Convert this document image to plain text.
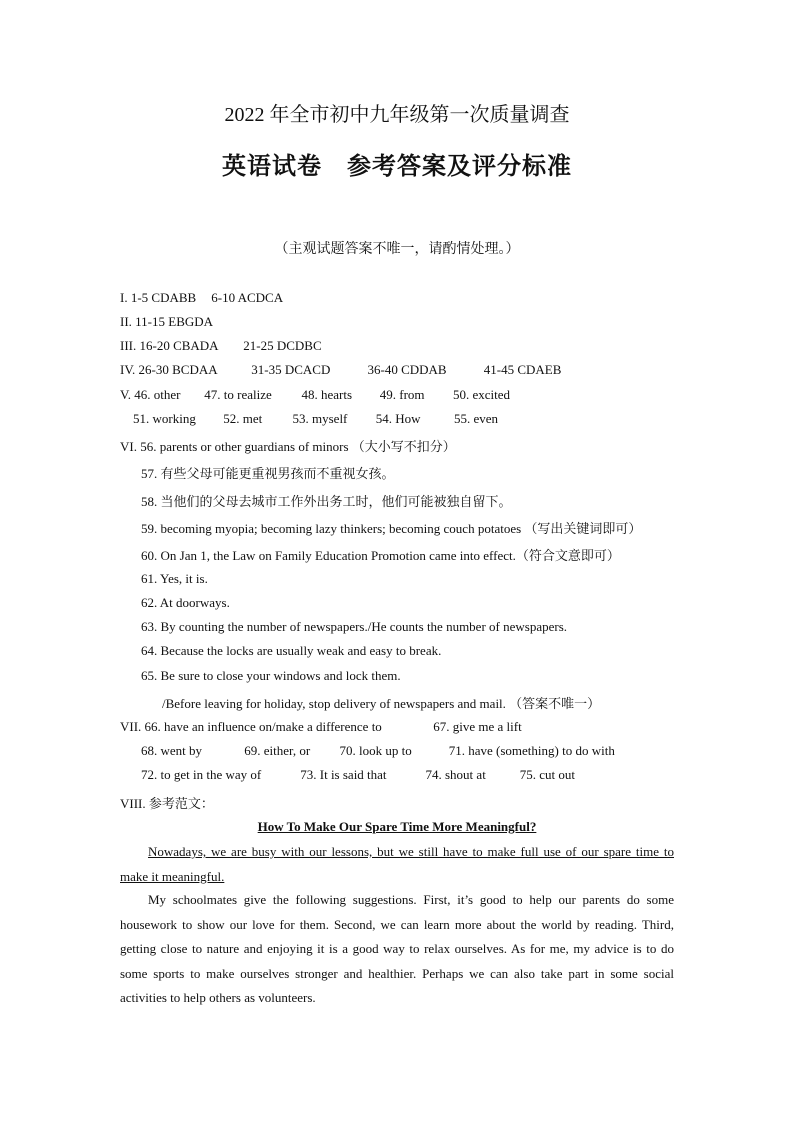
2022 年全市初中九年级第一次质量调查
英语试卷　参考答案及评分标准
（主观试题答案不唯一，请酌情处理。）
I. 1-5 CDABB 6-10 ACDCA
II. 11-15 EBGDA
III. 16-20 CBADA 21-25 DCDBC
IV. 26-30 BCDAA	31-35 DCACD	36-40 CDDAB	41-45 CDAEB
V. 46. other 47. to realize 48. hearts 49. from 50. excited
51. working 52. met 53. myself 54. How	55. even
VI. 56. parents or other guardians of minors （大小写不扣分）
57. 有些父母可能更重视男孩而不重视女孩。
58. 当他们的父母去城市工作外出务工时，他们可能被独自留下。
59. becoming myopia; becoming lazy thinkers; becoming couch potatoes （写出关键词即可）
60. On Jan 1, the Law on Family Education Promotion came into effect.（符合文意即可）
61. Yes, it is.
62. At doorways.
63. By counting the number of newspapers./He counts the number of newspapers.
64. Because the locks are usually weak and easy to break.
65. Be sure to close your windows and lock them.
/Before leaving for holiday, stop delivery of newspapers and mail. （答案不唯一）
VII. 66. have an influence on/make a difference to	67. give me a lift
68. went by	69. either, or 70. look up to	71. have (something) to do with
72. to get in the way of	73. It is said that	74. shout at	75. cut out
VIII. 参考范文：
How To Make Our Spare Time More Meaningful?

Nowadays, we are busy with our lessons, but we still have to make full use of our spare time to make it meaningful.

My schoolmates give the following suggestions. First, it’s good to help our parents do some housework to show our love for them. Second, we can learn more about the world by reading. Third, getting close to nature and enjoying it is a good way to relax ourselves. As for me, my advice is to do some sports to make ourselves stronger and healthier. Perhaps we can also take part in some social activities to help others as volunteers.
